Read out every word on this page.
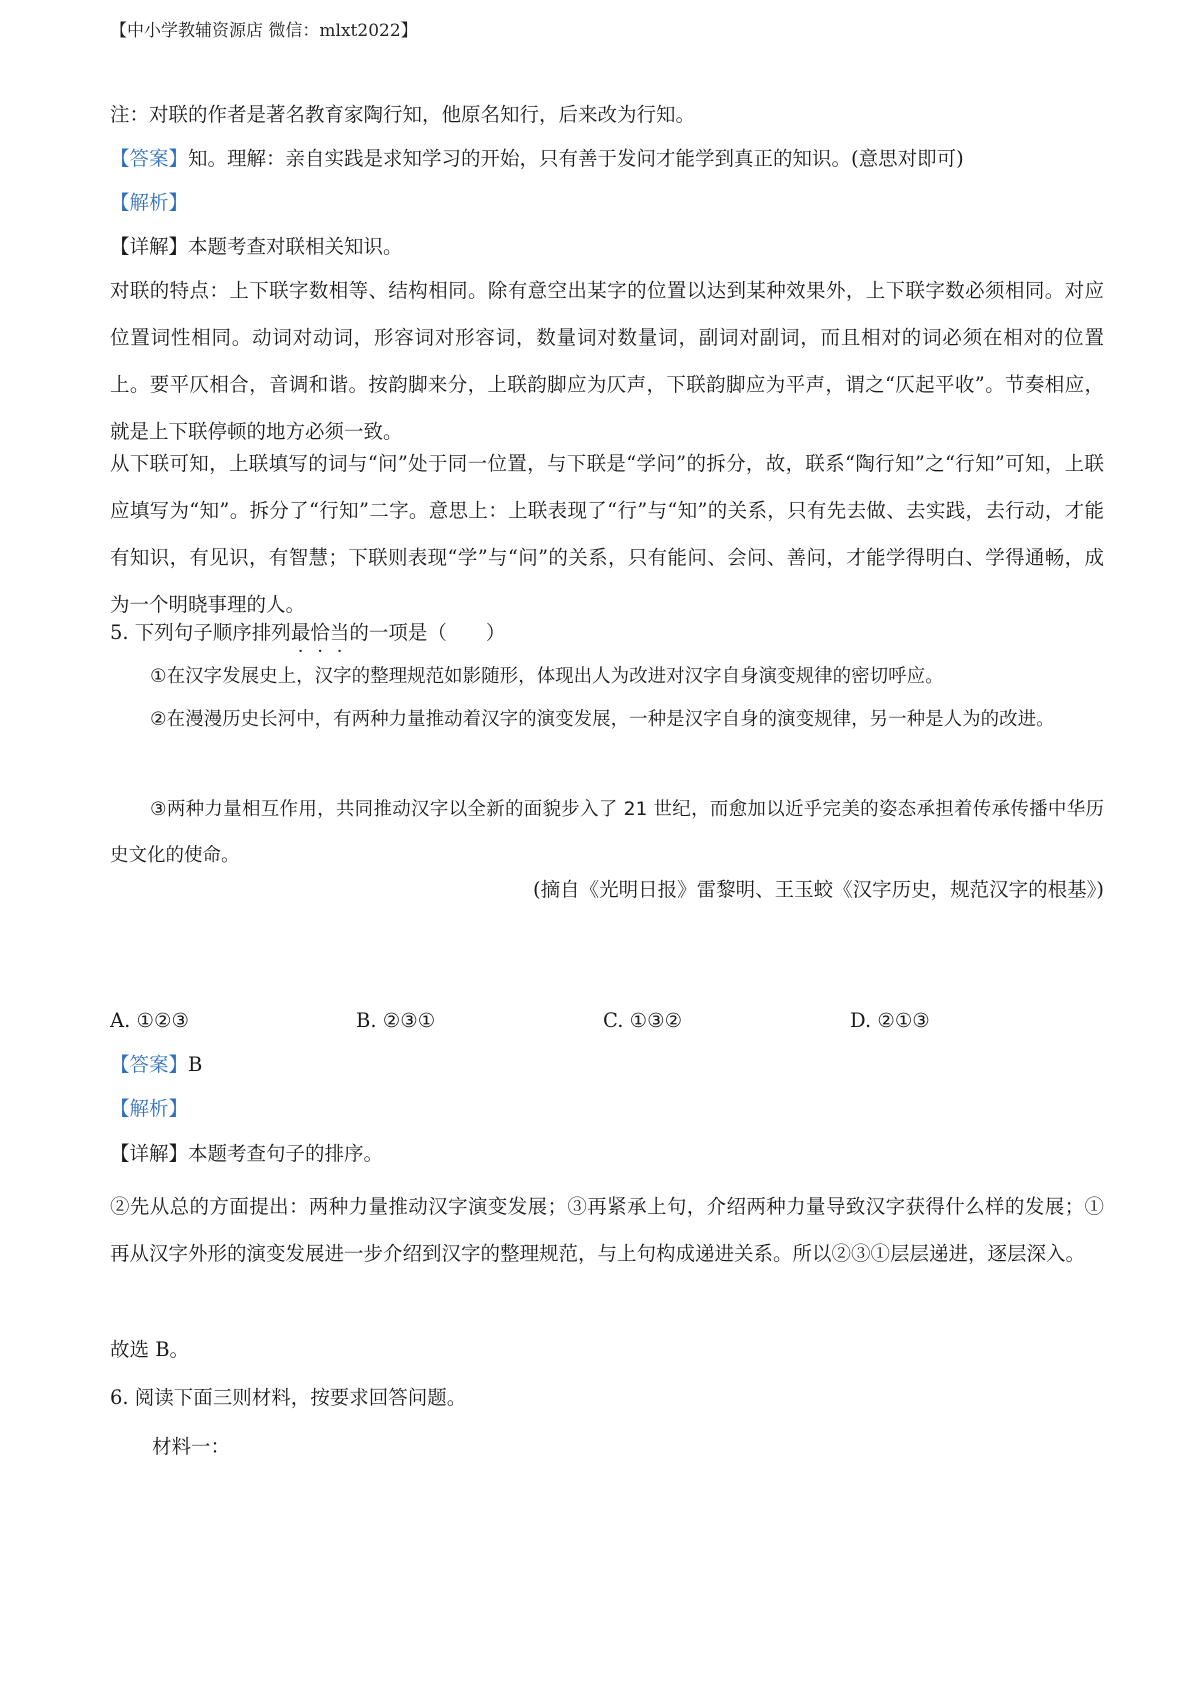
【中小学教辅资源店 微信：mlxt2022】
注：对联的作者是著名教育家陶行知，他原名知行，后来改为行知。
【答案】知。理解：亲自实践是求知学习的开始，只有善于发问才能学到真正的知识。(意思对即可)
【解析】
【详解】本题考查对联相关知识。
对联的特点：上下联字数相等、结构相同。除有意空出某字的位置以达到某种效果外，上下联字数必须相同。对应位置词性相同。动词对动词，形容词对形容词，数量词对数量词，副词对副词，而且相对的词必须在相对的位置上。要平仄相合，音调和谐。按韵脚来分，上联韵脚应为仄声，下联韵脚应为平声，谓之“仄起平收”。节奏相应，就是上下联停顿的地方必须一致。
从下联可知，上联填写的词与“问”处于同一位置，与下联是“学问”的拆分，故，联系“陶行知”之“行知”可知，上联应填写为“知”。拆分了“行知”二字。意思上：上联表现了“行”与“知”的关系，只有先去做、去实践，去行动，才能有知识，有见识，有智慧；下联则表现“学”与“问”的关系，只有能问、会问、善问，才能学得明白、学得通畅，成为一个明晓事理的人。
5. 下列句子顺序排列最恰当的一项是（　　）
①在汉字发展史上，汉字的整理规范如影随形，体现出人为改进对汉字自身演变规律的密切呼应。
②在漫漫历史长河中，有两种力量推动着汉字的演变发展，一种是汉字自身的演变规律，另一种是人为的改进。
③两种力量相互作用，共同推动汉字以全新的面貌步入了 21 世纪，而愈加以近乎完美的姿态承担着传承传播中华历史文化的使命。
(摘自《光明日报》雷黎明、王玉蛟《汉字历史，规范汉字的根基》)
A. ①②③	B. ②③①	C. ①③②	D. ②①③
【答案】B
【解析】
【详解】本题考查句子的排序。
②先从总的方面提出：两种力量推动汉字演变发展；③再紧承上句，介绍两种力量导致汉字获得什么样的发展；①再从汉字外形的演变发展进一步介绍到汉字的整理规范，与上句构成递进关系。所以②③①层层递进，逐层深入。
故选 B。
6. 阅读下面三则材料，按要求回答问题。
材料一：
